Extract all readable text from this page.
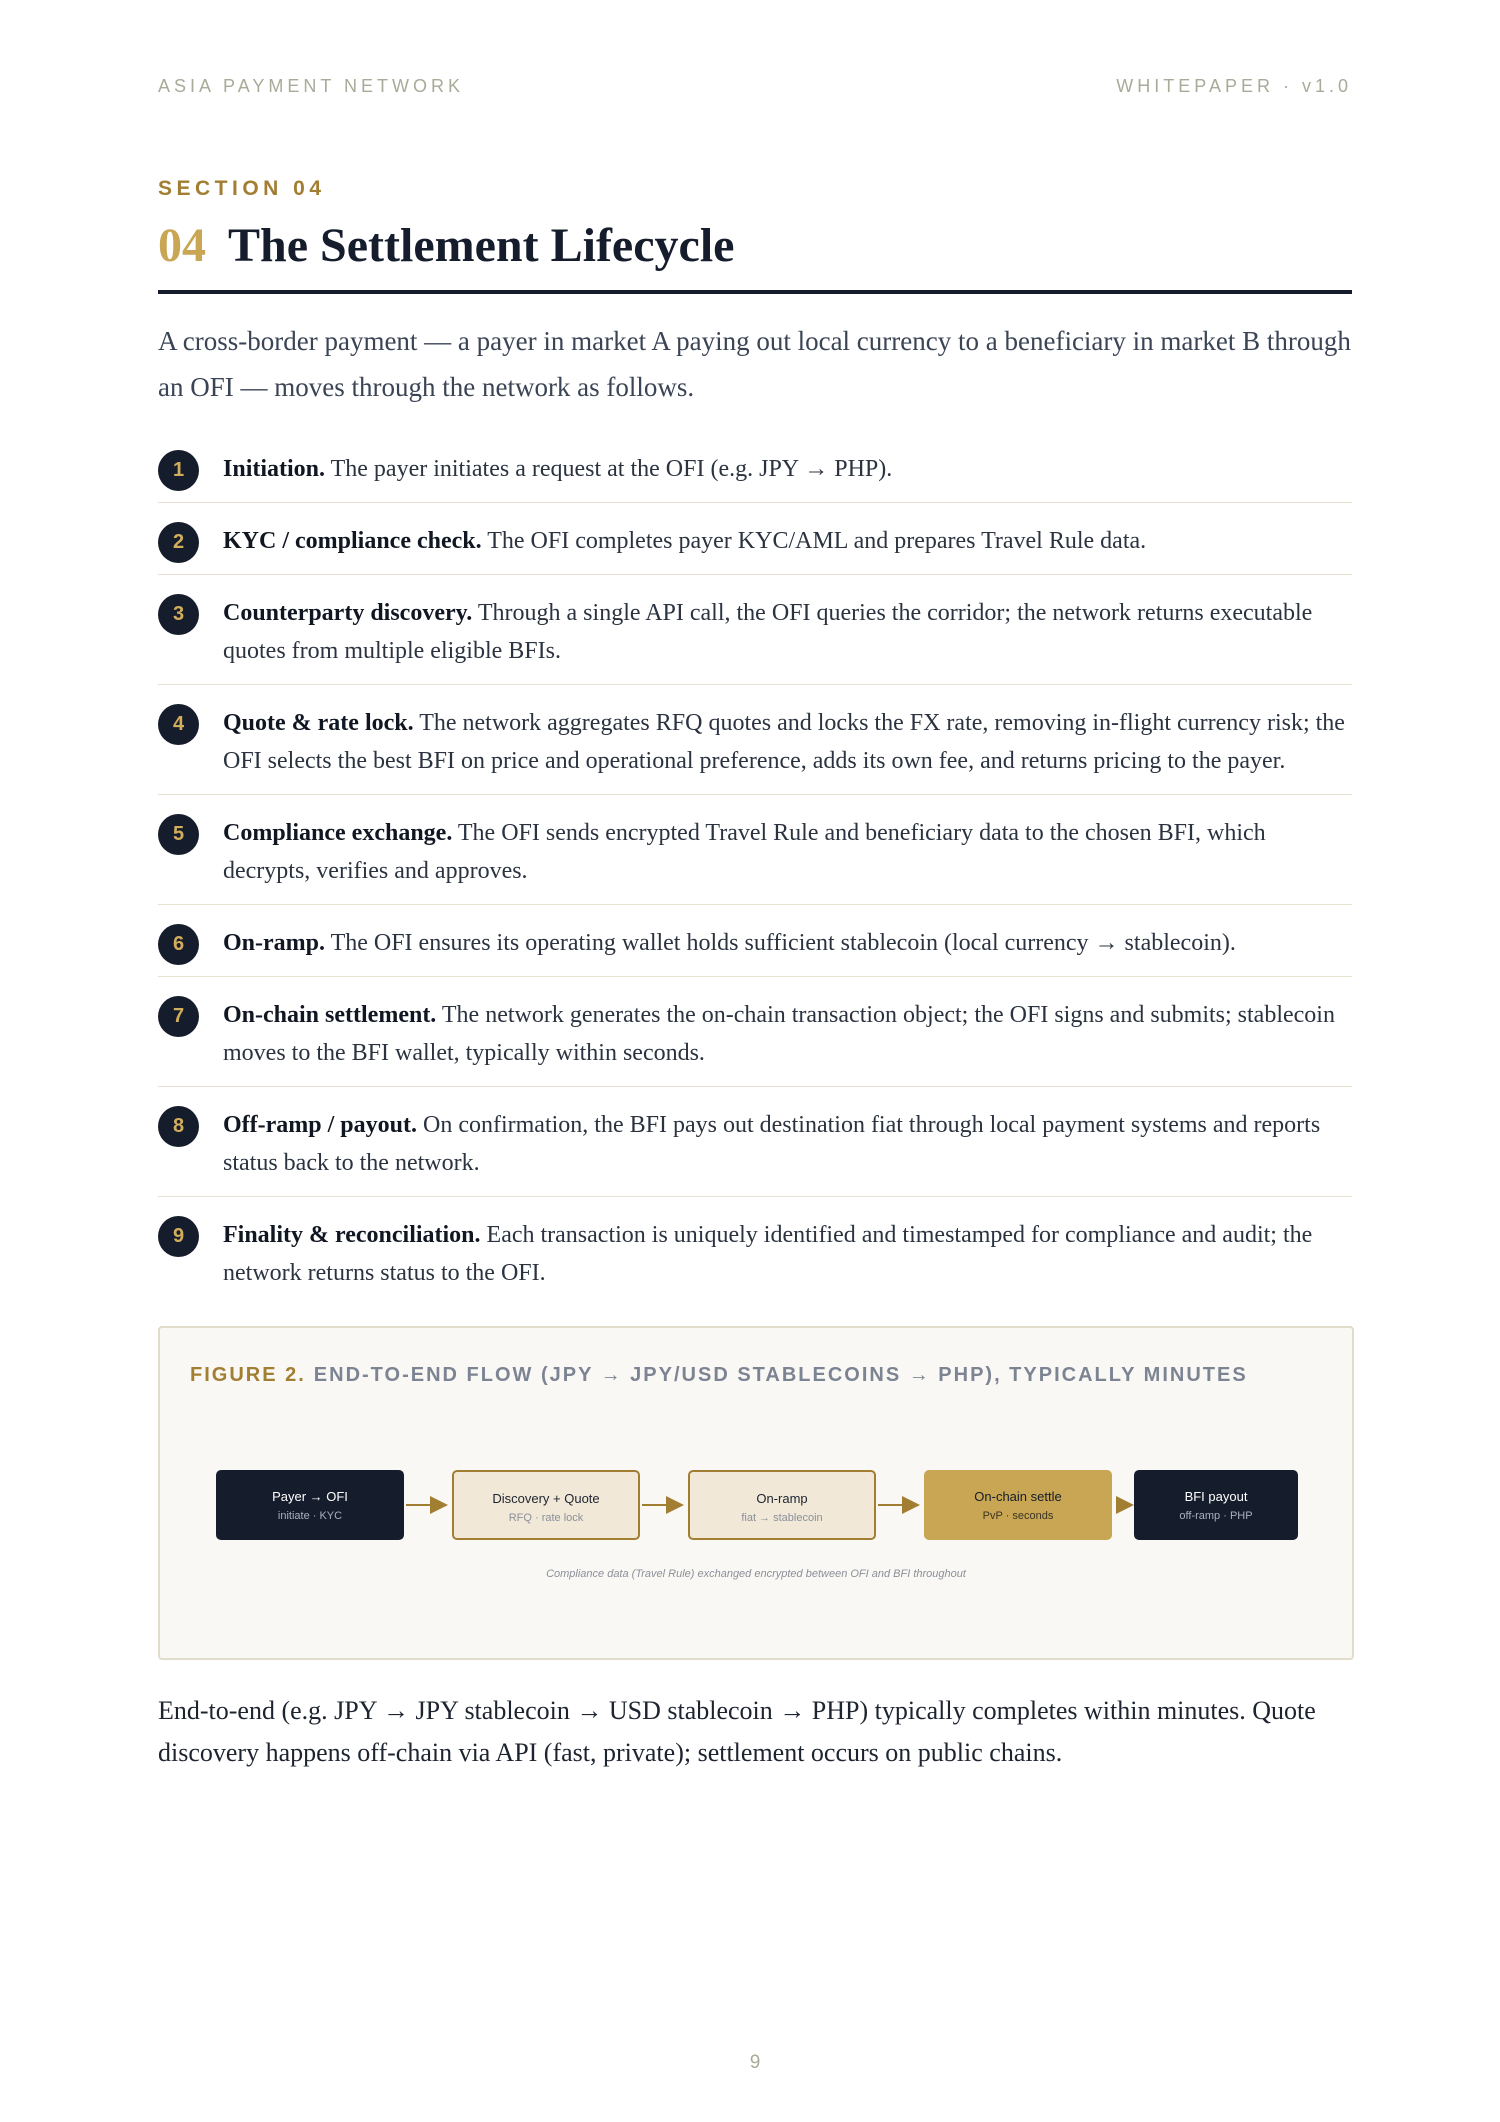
ASIA PAYMENT NETWORK	WHITEPAPER · v1.0
SECTION 04
04 The Settlement Lifecycle

A cross-border payment — a payer in market A paying out local currency to a beneficiary in market B through an OFI — moves through the network as follows.

1	Initiation. The payer initiates a request at the OFI (e.g. JPY → PHP).
2	KYC / compliance check. The OFI completes payer KYC/AML and prepares Travel Rule data.
3	Counterparty discovery. Through a single API call, the OFI queries the corridor; the network returns executable quotes from multiple eligible BFIs.
4	Quote & rate lock. The network aggregates RFQ quotes and locks the FX rate, removing in-flight currency risk; the OFI selects the best BFI on price and operational preference, adds its own fee, and returns pricing to the payer.
5	Compliance exchange. The OFI sends encrypted Travel Rule and beneficiary data to the chosen BFI, which decrypts, verifies and approves.
6	On-ramp. The OFI ensures its operating wallet holds sufficient stablecoin (local currency → stablecoin).
7	On-chain settlement. The network generates the on-chain transaction object; the OFI signs and submits; stablecoin moves to the BFI wallet, typically within seconds.
8	Off-ramp / payout. On confirmation, the BFI pays out destination fiat through local payment systems and reports status back to the network.
9	Finality & reconciliation. Each transaction is uniquely identified and timestamped for compliance and audit; the network returns status to the OFI.
FIGURE 2. END-TO-END FLOW (JPY → JPY/USD STABLECOINS → PHP), TYPICALLY MINUTES
Payer → OFI
initiate · KYC
Discovery + Quote
RFQ · rate lock
On-ramp
fiat → stablecoin
On-chain settle
PvP · seconds
BFI payout
off-ramp · PHP
Compliance data (Travel Rule) exchanged encrypted between OFI and BFI throughout

End-to-end (e.g. JPY → JPY stablecoin → USD stablecoin → PHP) typically completes within minutes. Quote discovery happens off-chain via API (fast, private); settlement occurs on public chains.

9
